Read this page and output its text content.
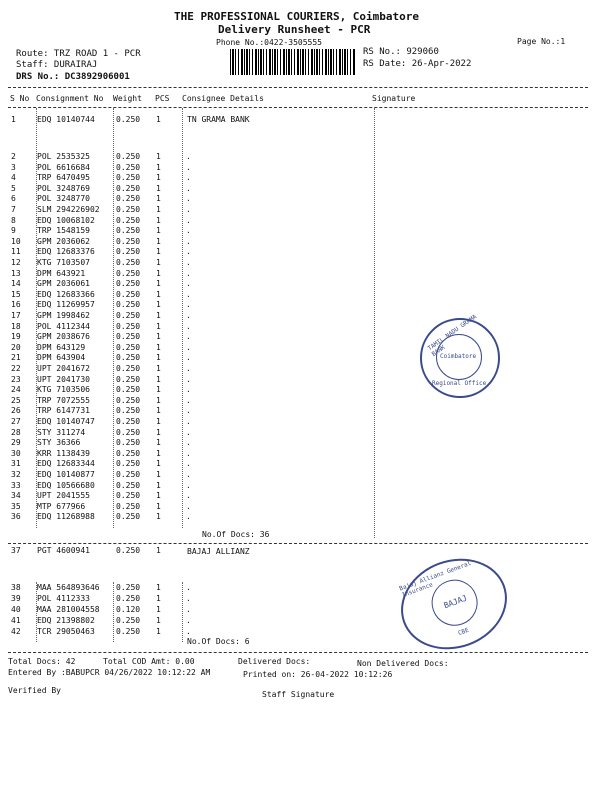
THE PROFESSIONAL COURIERS, Coimbatore
Delivery Runsheet - PCR
Phone No.:0422-3505555	Page No.:1
Route: TRZ ROAD 1 - PCR
Staff: DURAIRAJ
DRS No.: DC3892906001
RS No.: 929060
RS Date: 26-Apr-2022
S No Consignment No Weight PCS Consignee Details	Signature
TN GRAMA BANK
1	EDQ 10140744	0.250 1
2	POL 2535325	0.250 1	.
3	POL 6616684	0.250 1	.
4	TRP 6470495	0.250 1	.
5	POL 3248769	0.250 1	.
6	POL 3248770	0.250 1	.
7	SLM 294226902 0.250 1	.
8	EDQ 10068102	0.250 1	.
9	TRP 1548159	0.250 1	.
10 GPM 2036062	0.250 1	.
11 EDQ 12683376	0.250 1	.
12 KTG 7103507	0.250 1	.
13 DPM 643921	0.250 1	.
14 GPM 2036061	0.250 1	.
15 EDQ 12683366	0.250 1	.
16 EDQ 11269957	0.250 1	.
17 GPM 1998462	0.250 1	.
18 POL 4112344	0.250 1	.
19 GPM 2038676	0.250 1	.
20 DPM 643129	0.250 1	.
21 DPM 643904	0.250 1	.
22 UPT 2041672	0.250 1	.
23 UPT 2041730	0.250 1	.
24 KTG 7103506	0.250 1	.
25 TRP 7072555	0.250 1	.
26 TRP 6147731	0.250 1	.
27 EDQ 10140747	0.250 1	.
28 STY 311274	0.250 1	.
29 STY 36366	0.250 1	.
30 KRR 1138439	0.250 1	.
31 EDQ 12683344	0.250 1	.
32 EDQ 10140877	0.250 1	.
33 EDQ 10566680	0.250 1	.
34 UPT 2041555	0.250 1	.
35 MTP 677966	0.250 1	.
36 EDQ 11268988	0.250 1	.
No.Of Docs: 36
BAJAJ ALLIANZ
37 PGT 4600941	0.250 1
38 MAA 564893646 0.250 1	.
39 POL 4112333	0.250 1	.
40 MAA 281004558 0.120 1	.
41 EDQ 21398802	0.250 1	.
42 TCR 29050463	0.250 1	.
No.Of Docs: 6
TAMIL NADU GRAMA BANK
Coimbatore
Regional Office
Bajaj Allianz General Insurance
BAJAJ
CBE
Total Docs: 42	Total COD Amt: 0.00	Delivered Docs:	Non Delivered Docs:
Entered By :BABUPCR 04/26/2022 10:12:22 AM	Printed on: 26-04-2022 10:12:26
Verified By	Staff Signature
